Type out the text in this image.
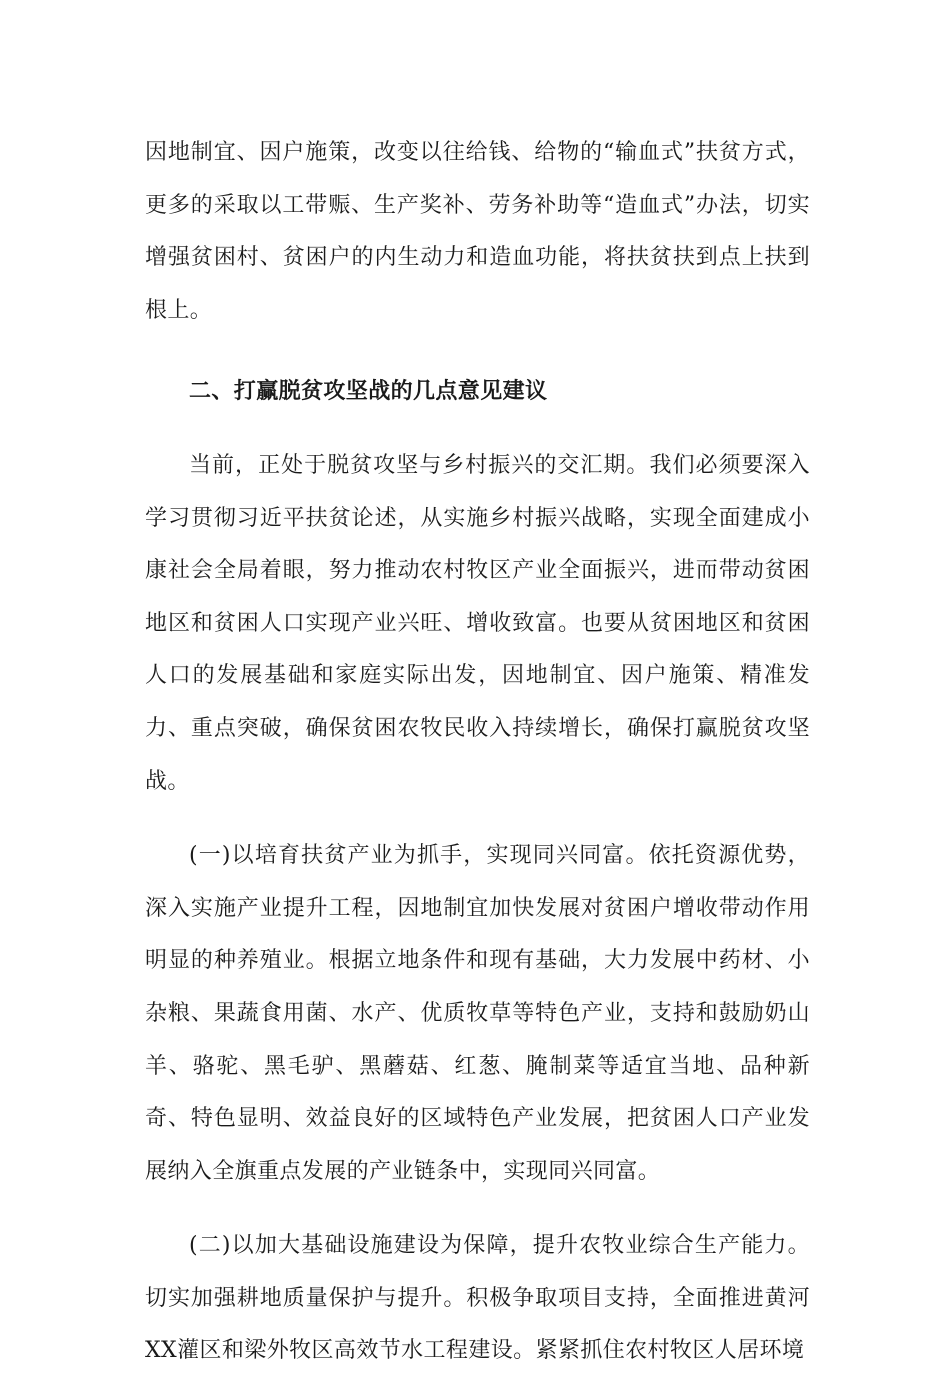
因地制宜、因户施策，改变以往给钱、给物的“输血式”扶贫方式，更多的采取以工带赈、生产奖补、劳务补助等“造血式”办法，切实增强贫困村、贫困户的内生动力和造血功能，将扶贫扶到点上扶到根上。

二、打赢脱贫攻坚战的几点意见建议

当前，正处于脱贫攻坚与乡村振兴的交汇期。我们必须要深入学习贯彻习近平扶贫论述，从实施乡村振兴战略，实现全面建成小康社会全局着眼，努力推动农村牧区产业全面振兴，进而带动贫困地区和贫困人口实现产业兴旺、增收致富。也要从贫困地区和贫困人口的发展基础和家庭实际出发，因地制宜、因户施策、精准发力、重点突破，确保贫困农牧民收入持续增长，确保打赢脱贫攻坚战。

(一)以培育扶贫产业为抓手，实现同兴同富。依托资源优势，深入实施产业提升工程，因地制宜加快发展对贫困户增收带动作用明显的种养殖业。根据立地条件和现有基础，大力发展中药材、小杂粮、果蔬食用菌、水产、优质牧草等特色产业，支持和鼓励奶山羊、骆驼、黑毛驴、黑蘑菇、红葱、腌制菜等适宜当地、品种新奇、特色显明、效益良好的区域特色产业发展，把贫困人口产业发展纳入全旗重点发展的产业链条中，实现同兴同富。

(二)以加大基础设施建设为保障，提升农牧业综合生产能力。切实加强耕地质量保护与提升。积极争取项目支持，全面推进黄河XX灌区和梁外牧区高效节水工程建设。紧紧抓住农村牧区人居环境
